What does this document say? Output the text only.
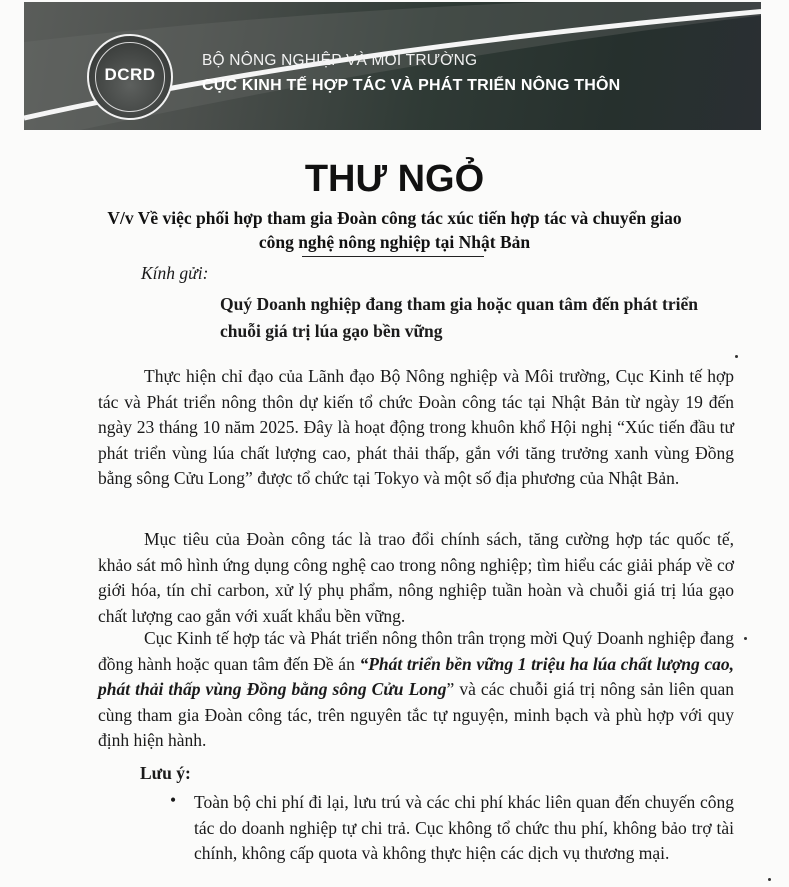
DCRD
BỘ NÔNG NGHIỆP VÀ MÔI TRƯỜNG
CỤC KINH TẾ HỢP TÁC VÀ PHÁT TRIỂN NÔNG THÔN
THƯ NGỎ
V/v Về việc phối hợp tham gia Đoàn công tác xúc tiến hợp tác và chuyển giao
công nghệ nông nghiệp tại Nhật Bản
Kính gửi:
Quý Doanh nghiệp đang tham gia hoặc quan tâm đến phát triển chuỗi giá trị lúa gạo bền vững
Thực hiện chỉ đạo của Lãnh đạo Bộ Nông nghiệp và Môi trường, Cục Kinh tế hợp tác và Phát triển nông thôn dự kiến tổ chức Đoàn công tác tại Nhật Bản từ ngày 19 đến ngày 23 tháng 10 năm 2025. Đây là hoạt động trong khuôn khổ Hội nghị “Xúc tiến đầu tư phát triển vùng lúa chất lượng cao, phát thải thấp, gắn với tăng trưởng xanh vùng Đồng bằng sông Cửu Long” được tổ chức tại Tokyo và một số địa phương của Nhật Bản.
Mục tiêu của Đoàn công tác là trao đổi chính sách, tăng cường hợp tác quốc tế, khảo sát mô hình ứng dụng công nghệ cao trong nông nghiệp; tìm hiểu các giải pháp về cơ giới hóa, tín chỉ carbon, xử lý phụ phẩm, nông nghiệp tuần hoàn và chuỗi giá trị lúa gạo chất lượng cao gắn với xuất khẩu bền vững.
Cục Kinh tế hợp tác và Phát triển nông thôn trân trọng mời Quý Doanh nghiệp đang đồng hành hoặc quan tâm đến Đề án “Phát triển bền vững 1 triệu ha lúa chất lượng cao, phát thải thấp vùng Đồng bằng sông Cửu Long” và các chuỗi giá trị nông sản liên quan cùng tham gia Đoàn công tác, trên nguyên tắc tự nguyện, minh bạch và phù hợp với quy định hiện hành.
Lưu ý:
•	Toàn bộ chi phí đi lại, lưu trú và các chi phí khác liên quan đến chuyến công tác do doanh nghiệp tự chi trả. Cục không tổ chức thu phí, không bảo trợ tài chính, không cấp quota và không thực hiện các dịch vụ thương mại.
